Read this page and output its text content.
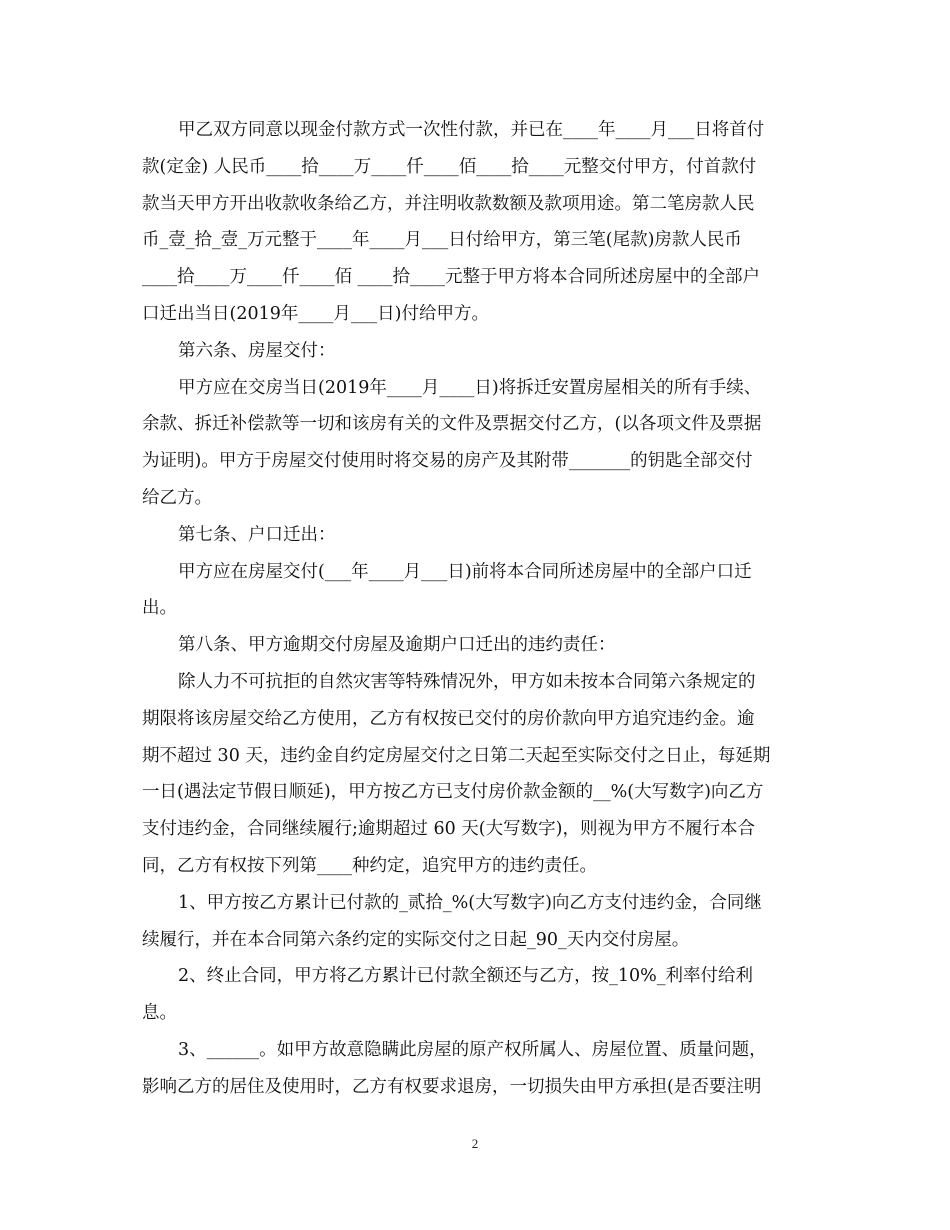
甲乙双方同意以现金付款方式一次性付款，并已在____年____月___日将首付
款(定金) 人民币____拾____万____仟____佰____拾____元整交付甲方，付首款付
款当天甲方开出收款收条给乙方，并注明收款数额及款项用途。第二笔房款人民
币_壹_拾_壹_万元整于____年____月___日付给甲方，第三笔(尾款)房款人民币
____拾____万____仟____佰 ____拾____元整于甲方将本合同所述房屋中的全部户
口迁出当日(2019年____月___日)付给甲方。
第六条、房屋交付：
甲方应在交房当日(2019年____月____日)将拆迁安置房屋相关的所有手续、
余款、拆迁补偿款等一切和该房有关的文件及票据交付乙方，(以各项文件及票据
为证明)。甲方于房屋交付使用时将交易的房产及其附带_______的钥匙全部交付
给乙方。
第七条、户口迁出：
甲方应在房屋交付(___年____月___日)前将本合同所述房屋中的全部户口迁
出。
第八条、甲方逾期交付房屋及逾期户口迁出的违约责任：
除人力不可抗拒的自然灾害等特殊情况外，甲方如未按本合同第六条规定的
期限将该房屋交给乙方使用，乙方有权按已交付的房价款向甲方追究违约金。逾
期不超过 30 天，违约金自约定房屋交付之日第二天起至实际交付之日止，每延期
一日(遇法定节假日顺延)，甲方按乙方已支付房价款金额的__%(大写数字)向乙方
支付违约金，合同继续履行;逾期超过 60 天(大写数字)，则视为甲方不履行本合
同，乙方有权按下列第____种约定，追究甲方的违约责任。
1、甲方按乙方累计已付款的_贰拾_%(大写数字)向乙方支付违约金，合同继
续履行，并在本合同第六条约定的实际交付之日起_90_天内交付房屋。
2、终止合同，甲方将乙方累计已付款全额还与乙方，按_10%_利率付给利
息。
3、______。如甲方故意隐瞒此房屋的原产权所属人、房屋位置、质量问题，
影响乙方的居住及使用时，乙方有权要求退房，一切损失由甲方承担(是否要注明
2
